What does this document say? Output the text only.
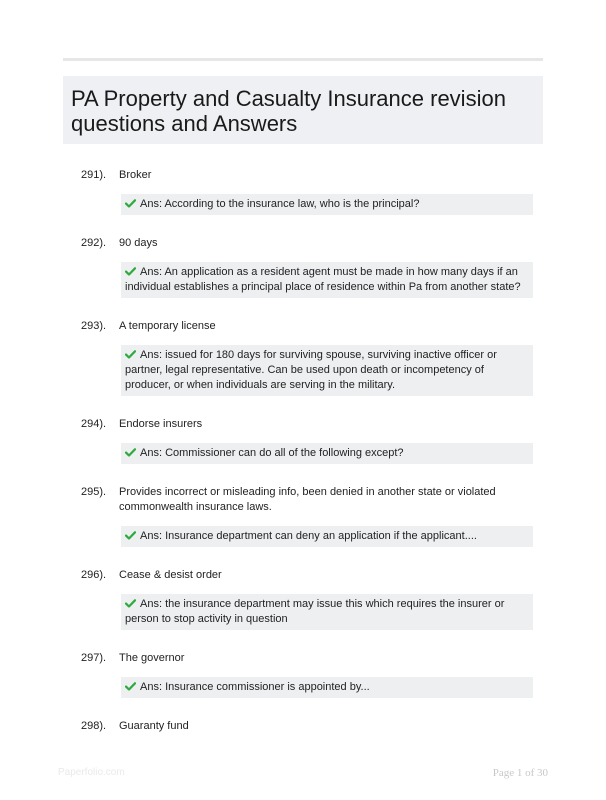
PA Property and Casualty Insurance revision questions and Answers
291).	Broker
Ans: According to the insurance law, who is the principal?
292).	90 days
Ans: An application as a resident agent must be made in how many days if an individual establishes a principal place of residence within Pa from another state?
293).	A temporary license
Ans: issued for 180 days for surviving spouse, surviving inactive officer or partner, legal representative. Can be used upon death or incompetency of producer, or when individuals are serving in the military.
294).	Endorse insurers
Ans: Commissioner can do all of the following except?
295).	Provides incorrect or misleading info, been denied in another state or violated commonwealth insurance laws.
Ans: Insurance department can deny an application if the applicant....
296).	Cease & desist order
Ans: the insurance department may issue this which requires the insurer or person to stop activity in question
297).	The governor
Ans: Insurance commissioner is appointed by...
298).	Guaranty fund
Paperfolio.com	Page 1 of 30
